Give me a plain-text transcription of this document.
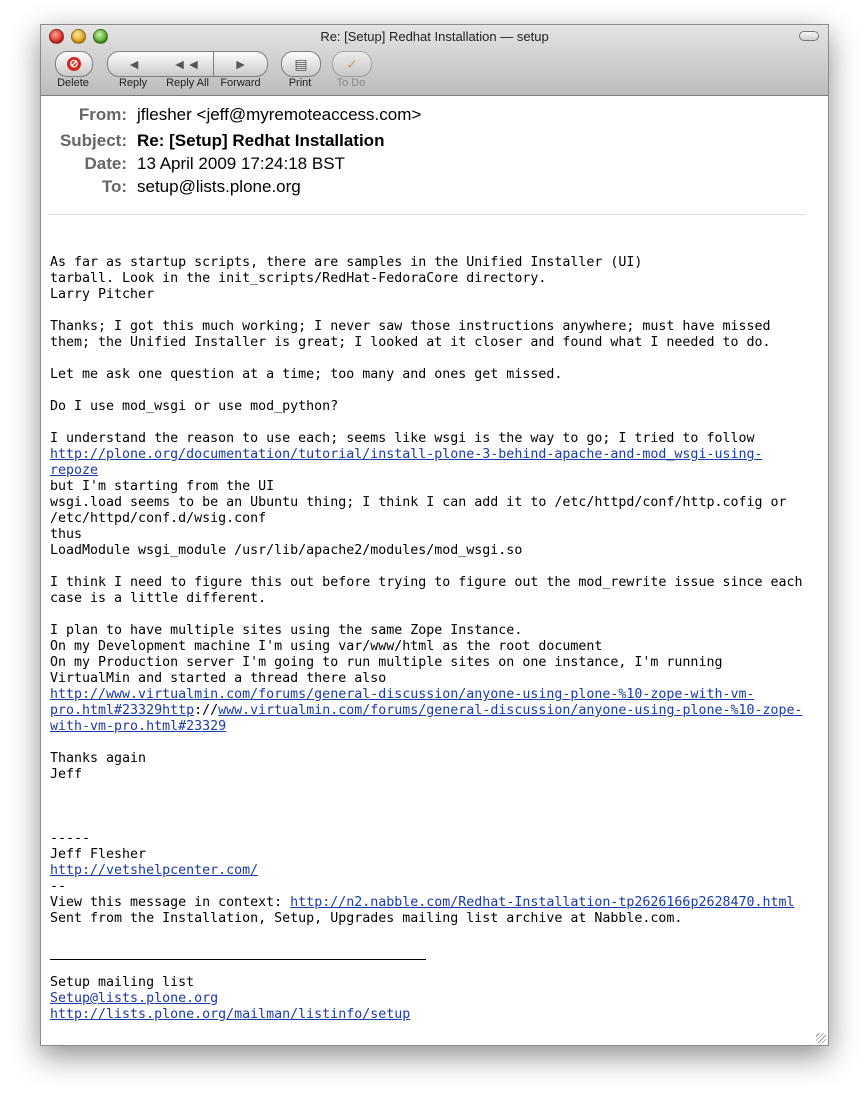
Re: [Setup] Redhat Installation — setup
⊘
Delete
◄ ◄◄ ►
Reply	Reply All	Forward
▤
Print
✓
To Do
From: jflesher <jeff@myremoteaccess.com>
Subject: Re: [Setup] Redhat Installation
Date: 13 April 2009 17:24:18 BST
To: setup@lists.plone.org
As far as startup scripts, there are samples in the Unified Installer (UI)
tarball. Look in the init_scripts/RedHat-FedoraCore directory.
Larry Pitcher
Thanks; I got this much working; I never saw those instructions anywhere; must have missed
them; the Unified Installer is great; I looked at it closer and found what I needed to do.
Let me ask one question at a time; too many and ones get missed.
Do I use mod_wsgi or use mod_python?
I understand the reason to use each; seems like wsgi is the way to go; I tried to follow
http://plone.org/documentation/tutorial/install-plone-3-behind-apache-and-mod_wsgi-using-
repoze
but I'm starting from the UI
wsgi.load seems to be an Ubuntu thing; I think I can add it to /etc/httpd/conf/http.cofig or
/etc/httpd/conf.d/wsig.conf
thus
LoadModule wsgi_module /usr/lib/apache2/modules/mod_wsgi.so
I think I need to figure this out before trying to figure out the mod_rewrite issue since each
case is a little different.
I plan to have multiple sites using the same Zope Instance.
On my Development machine I'm using var/www/html as the root document
On my Production server I'm going to run multiple sites on one instance, I'm running
VirtualMin and started a thread there also
http://www.virtualmin.com/forums/general-discussion/anyone-using-plone-%10-zope-with-vm-
pro.html#23329http://www.virtualmin.com/forums/general-discussion/anyone-using-plone-%10-zope-
with-vm-pro.html#23329
Thanks again
Jeff
-----
Jeff Flesher
http://vetshelpcenter.com/
--
View this message in context: http://n2.nabble.com/Redhat-Installation-tp2626166p2628470.html
Sent from the Installation, Setup, Upgrades mailing list archive at Nabble.com.
Setup mailing list
Setup@lists.plone.org
http://lists.plone.org/mailman/listinfo/setup
